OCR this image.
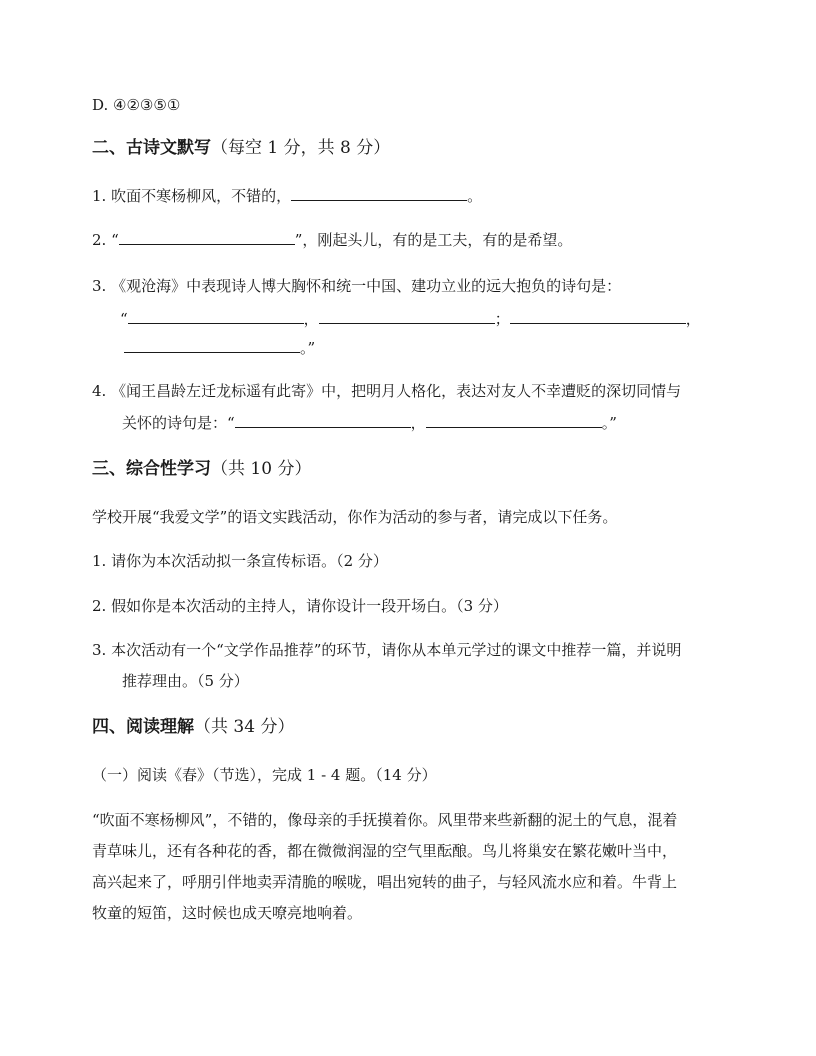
D. ④②③⑤①
二、古诗文默写（每空 1 分，共 8 分）
1. 吹面不寒杨柳风，不错的，	。
2. “	”，刚起头儿，有的是工夫，有的是希望。
3. 《观沧海》中表现诗人博大胸怀和统一中国、建功立业的远大抱负的诗句是：
“	，	；	，
。”
4. 《闻王昌龄左迁龙标遥有此寄》中，把明月人格化，表达对友人不幸遭贬的深切同情与
关怀的诗句是：“	，	。”
三、综合性学习（共 10 分）
学校开展“我爱文学”的语文实践活动，你作为活动的参与者，请完成以下任务。
1. 请你为本次活动拟一条宣传标语。（2 分）
2. 假如你是本次活动的主持人，请你设计一段开场白。（3 分）
3. 本次活动有一个“文学作品推荐”的环节，请你从本单元学过的课文中推荐一篇，并说明
推荐理由。（5 分）
四、阅读理解（共 34 分）
（一）阅读《春》（节选），完成 1 - 4 题。（14 分）
“吹面不寒杨柳风”，不错的，像母亲的手抚摸着你。风里带来些新翻的泥土的气息，混着
青草味儿，还有各种花的香，都在微微润湿的空气里酝酿。鸟儿将巢安在繁花嫩叶当中，
高兴起来了，呼朋引伴地卖弄清脆的喉咙，唱出宛转的曲子，与轻风流水应和着。牛背上
牧童的短笛，这时候也成天嘹亮地响着。
